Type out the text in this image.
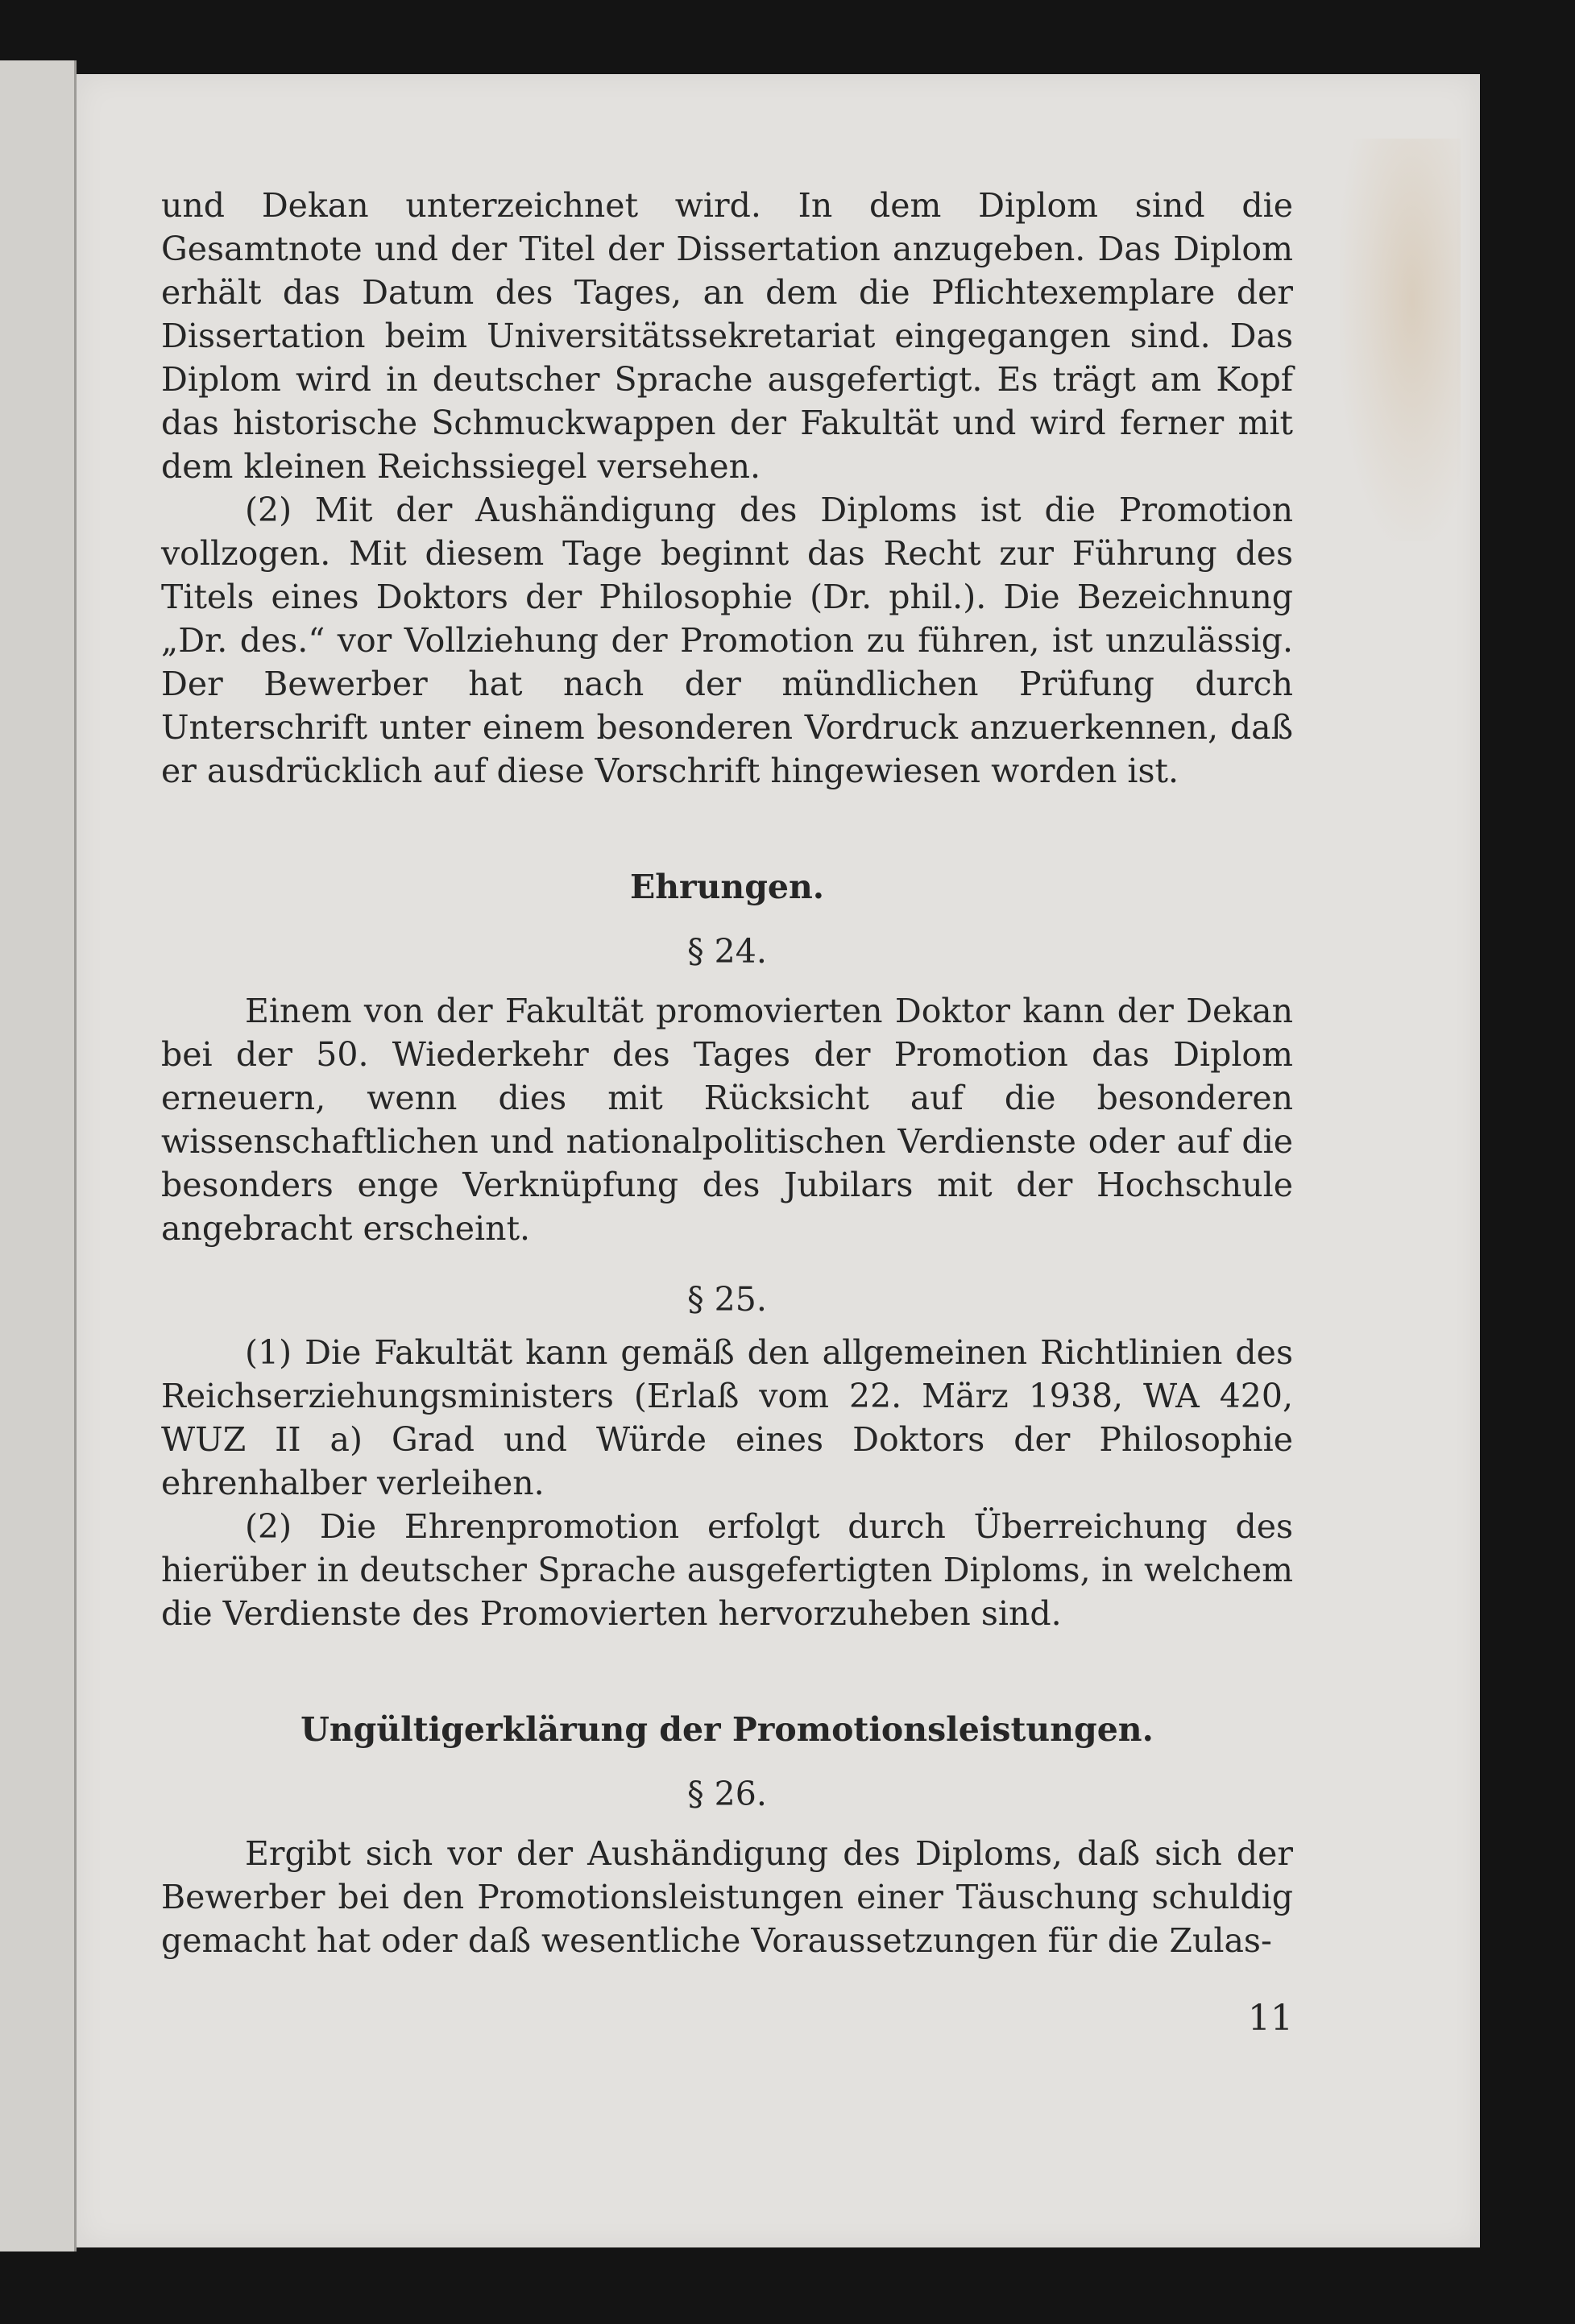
und Dekan unterzeichnet wird. In dem Diplom sind die Gesamtnote und der Titel der Dissertation anzugeben. Das Diplom erhält das Datum des Tages, an dem die Pflichtexemplare der Dissertation beim Universitätssekretariat eingegangen sind. Das Diplom wird in deutscher Sprache ausgefertigt. Es trägt am Kopf das historische Schmuckwappen der Fakultät und wird ferner mit dem kleinen Reichssiegel versehen.

(2) Mit der Aushändigung des Diploms ist die Promotion vollzogen. Mit diesem Tage beginnt das Recht zur Führung des Titels eines Doktors der Philosophie (Dr. phil.). Die Bezeichnung „Dr. des.“ vor Vollziehung der Promotion zu führen, ist unzulässig. Der Bewerber hat nach der mündlichen Prüfung durch Unterschrift unter einem besonderen Vordruck anzuerkennen, daß er ausdrücklich auf diese Vorschrift hingewiesen worden ist.

Ehrungen.

§ 24.

Einem von der Fakultät promovierten Doktor kann der Dekan bei der 50. Wiederkehr des Tages der Promotion das Diplom erneuern, wenn dies mit Rücksicht auf die besonderen wissenschaftlichen und nationalpolitischen Verdienste oder auf die besonders enge Verknüpfung des Jubilars mit der Hochschule angebracht erscheint.

§ 25.

(1) Die Fakultät kann gemäß den allgemeinen Richtlinien des Reichserziehungsministers (Erlaß vom 22. März 1938, WA 420, WUZ II a) Grad und Würde eines Doktors der Philosophie ehrenhalber verleihen.

(2) Die Ehrenpromotion erfolgt durch Überreichung des hierüber in deutscher Sprache ausgefertigten Diploms, in welchem die Verdienste des Promovierten hervorzuheben sind.

Ungültigerklärung der Promotionsleistungen.

§ 26.

Ergibt sich vor der Aushändigung des Diploms, daß sich der Bewerber bei den Promotionsleistungen einer Täuschung schuldig gemacht hat oder daß wesentliche Voraussetzungen für die Zulas-

11
